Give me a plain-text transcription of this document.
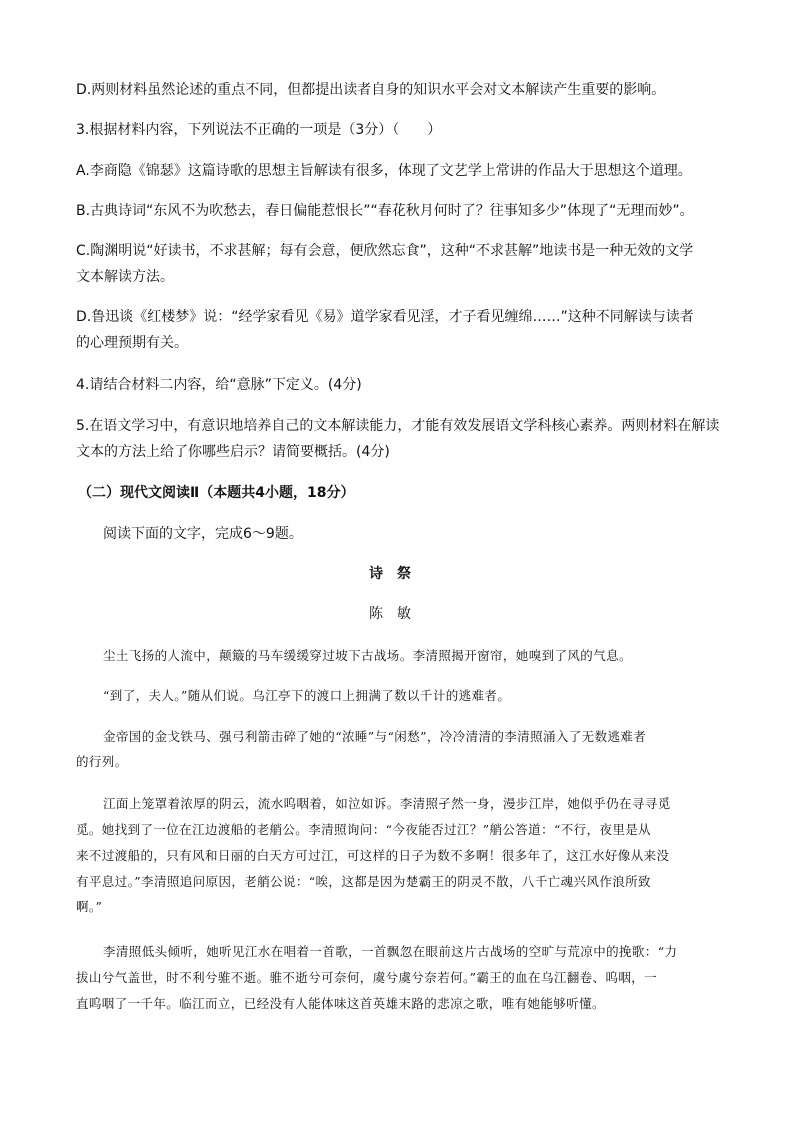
D.两则材料虽然论述的重点不同，但都提出读者自身的知识水平会对文本解读产生重要的影响。
3.根据材料内容，下列说法不正确的一项是（3分）（　　）
A.李商隐《锦瑟》这篇诗歌的思想主旨解读有很多，体现了文艺学上常讲的作品大于思想这个道理。
B.古典诗词“东风不为吹愁去，春日偏能惹恨长”“春花秋月何时了？往事知多少”体现了“无理而妙”。
C.陶渊明说“好读书，不求甚解；每有会意，便欣然忘食”，这种“不求甚解”地读书是一种无效的文学
文本解读方法。
D.鲁迅谈《红楼梦》说：“经学家看见《易》道学家看见淫，才子看见缠绵……”这种不同解读与读者
的心理预期有关。
4.请结合材料二内容，给“意脉”下定义。(4分)
5.在语文学习中，有意识地培养自己的文本解读能力，才能有效发展语文学科核心素养。两则材料在解读
文本的方法上给了你哪些启示？请简要概括。(4分)
（二）现代文阅读Ⅱ（本题共4小题，18分）
阅读下面的文字，完成6～9题。
诗祭
陈敏
尘土飞扬的人流中，颠簸的马车缓缓穿过坡下古战场。李清照揭开窗帘，她嗅到了风的气息。
“到了，夫人。”随从们说。乌江亭下的渡口上拥满了数以千计的逃难者。
金帝国的金戈铁马、强弓利箭击碎了她的“浓睡”与“闲愁”，冷冷清清的李清照涌入了无数逃难者
的行列。
江面上笼罩着浓厚的阴云，流水呜咽着，如泣如诉。李清照孑然一身，漫步江岸，她似乎仍在寻寻觅
觅。她找到了一位在江边渡船的老艄公。李清照询问：“今夜能否过江？”艄公答道：“不行，夜里是从
来不过渡船的，只有风和日丽的白天方可过江，可这样的日子为数不多啊！很多年了，这江水好像从来没
有平息过。”李清照追问原因，老艄公说：“唉，这都是因为楚霸王的阴灵不散，八千亡魂兴风作浪所致
啊。”
李清照低头倾听，她听见江水在唱着一首歌，一首飘忽在眼前这片古战场的空旷与荒凉中的挽歌：“力
拔山兮气盖世，时不利兮骓不逝。骓不逝兮可奈何，虞兮虞兮奈若何。”霸王的血在乌江翻卷、呜咽，一
直呜咽了一千年。临江而立，已经没有人能体味这首英雄末路的悲凉之歌，唯有她能够听懂。
